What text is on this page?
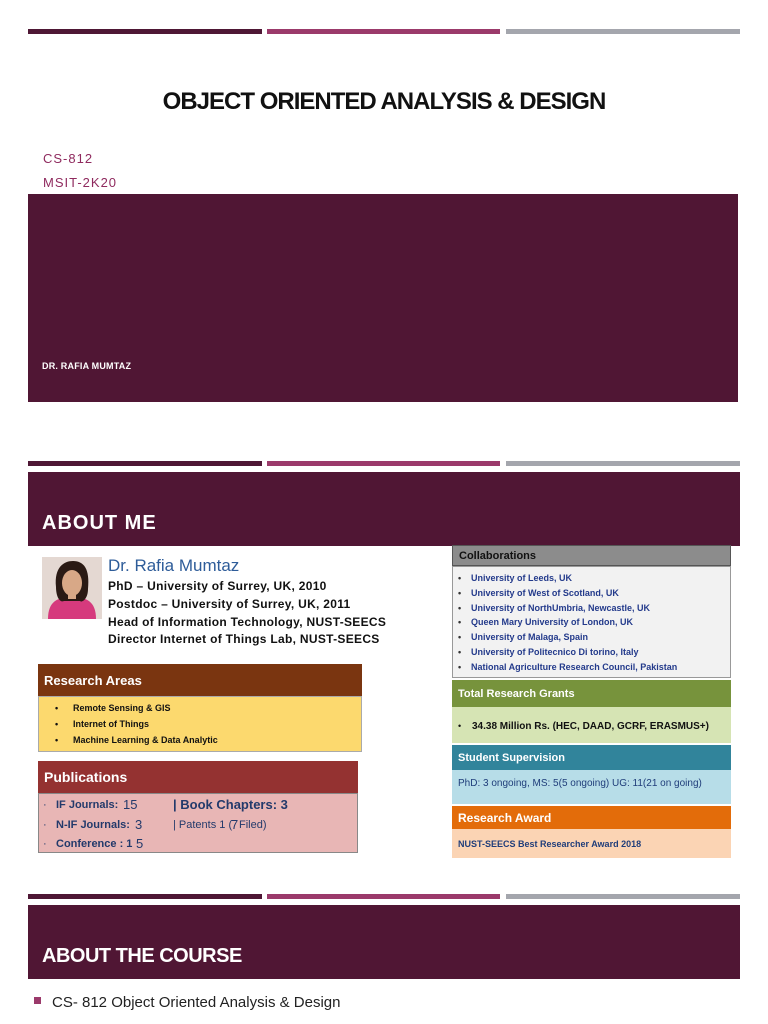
OBJECT ORIENTED ANALYSIS & DESIGN
CS-812
MSIT-2K20
DR. RAFIA MUMTAZ
ABOUT ME
Dr. Rafia Mumtaz
PhD – University of Surrey, UK, 2010
Postdoc – University of Surrey, UK, 2011
Head of Information Technology, NUST-SEECS
Director Internet of Things Lab, NUST-SEECS
Research Areas
• Remote Sensing & GIS
• Internet of Things
• Machine Learning & Data Analytic
Publications
· IF Journals: 15	| Book Chapters: 3
· N-IF Journals: 3	| Patents 1 (
7 Filed)
· Conference : 1 5
Collaborations
• University of Leeds, UK
• University of West of Scotland, UK
• University of NorthUmbria, Newcastle, UK
• Queen Mary University of London, UK
• University of Malaga, Spain
• University of Politecnico Di torino, Italy
• National Agriculture Research Council, Pakistan
Total Research Grants
• 34.38 Million Rs. (HEC, DAAD, GCRF, ERASMUS+)
Student Supervision
PhD: 3 ongoing, MS: 5(5 ongoing) UG: 11(21 on going)
Research Award
NUST-SEECS Best Researcher Award 2018
ABOUT THE COURSE
CS- 812 Object Oriented Analysis & Design
